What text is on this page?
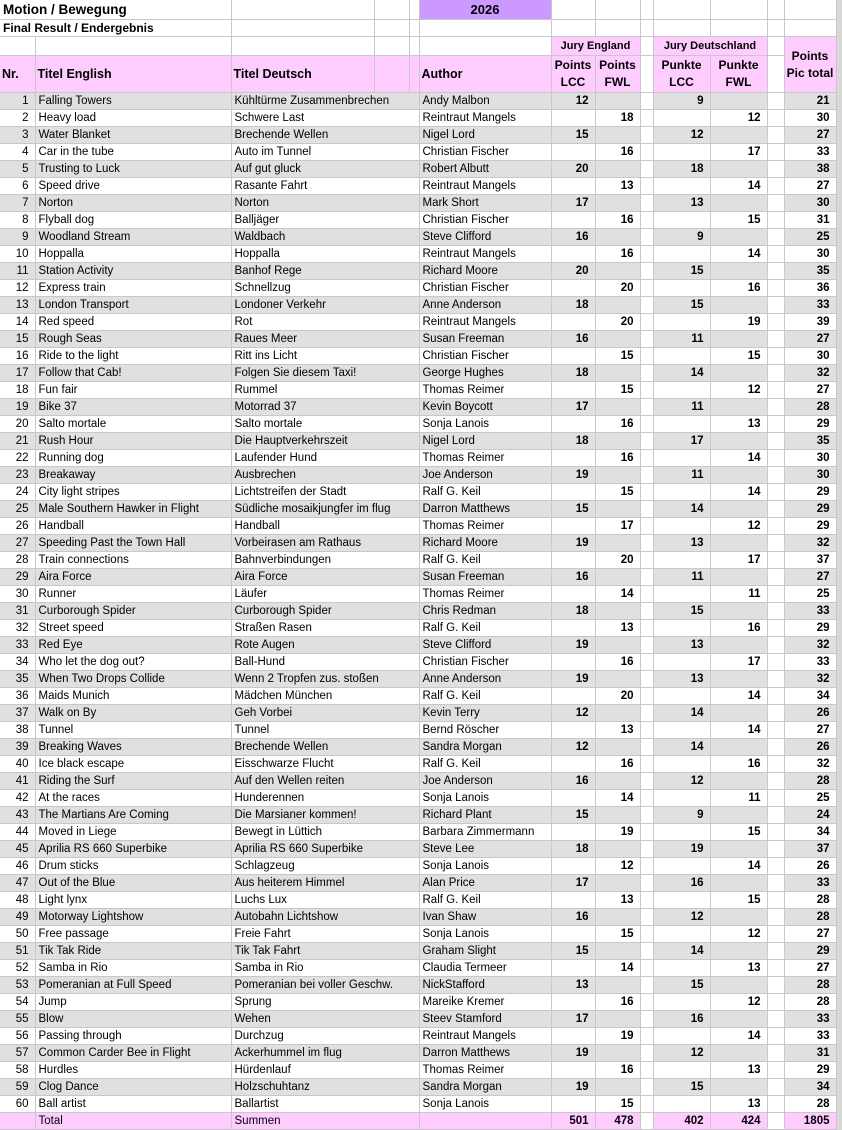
Motion / Bewegung					2026							
Final Result / Endergebnis												
						Jury England			Jury Deutschland			Points Pic total
Nr.	Titel English	Titel Deutsch			Author	Points LCC	Points FWL		Punkte LCC	Punkte FWL		
1	Falling Towers	Kühltürme Zusammenbrechen			Andy Malbon	12			9			21
2	Heavy load	Schwere Last			Reintraut Mangels		18			12		30
3	Water Blanket	Brechende Wellen			Nigel Lord	15			12			27
4	Car in the tube	Auto im Tunnel			Christian Fischer		16			17		33
5	Trusting to Luck	Auf gut gluck			Robert Albutt	20			18			38
6	Speed drive	Rasante Fahrt			Reintraut Mangels		13			14		27
7	Norton	Norton			Mark Short	17			13			30
8	Flyball dog	Balljäger			Christian Fischer		16			15		31
9	Woodland Stream	Waldbach			Steve Clifford	16			9			25
10	Hoppalla	Hoppalla			Reintraut Mangels		16			14		30
11	Station Activity	Banhof Rege			Richard Moore	20			15			35
12	Express train	Schnellzug			Christian Fischer		20			16		36
13	London Transport	Londoner Verkehr			Anne Anderson	18			15			33
14	Red speed	Rot			Reintraut Mangels		20			19		39
15	Rough Seas	Raues Meer			Susan Freeman	16			11			27
16	Ride to the light	Ritt ins Licht			Christian Fischer		15			15		30
17	Follow that Cab!	Folgen Sie diesem Taxi!			George Hughes	18			14			32
18	Fun fair	Rummel			Thomas Reimer		15			12		27
19	Bike 37	Motorrad 37			Kevin Boycott	17			11			28
20	Salto mortale	Salto mortale			Sonja Lanois		16			13		29
21	Rush Hour	Die Hauptverkehrszeit			Nigel Lord	18			17			35
22	Running dog	Laufender Hund			Thomas Reimer		16			14		30
23	Breakaway	Ausbrechen			Joe Anderson	19			11			30
24	City light stripes	Lichtstreifen der Stadt			Ralf G. Keil		15			14		29
25	Male Southern Hawker in Flight	Südliche mosaikjungfer im flug			Darron Matthews	15			14			29
26	Handball	Handball			Thomas Reimer		17			12		29
27	Speeding Past the Town Hall	Vorbeirasen am Rathaus			Richard Moore	19			13			32
28	Train connections	Bahnverbindungen			Ralf G. Keil		20			17		37
29	Aira Force	Aira Force			Susan Freeman	16			11			27
30	Runner	Läufer			Thomas Reimer		14			11		25
31	Curborough Spider	Curborough Spider			Chris Redman	18			15			33
32	Street speed	Straßen Rasen			Ralf G. Keil		13			16		29
33	Red Eye	Rote Augen			Steve Clifford	19			13			32
34	Who let the dog out?	Ball-Hund			Christian Fischer		16			17		33
35	When Two Drops Collide	Wenn 2 Tropfen zus. stoßen			Anne Anderson	19			13			32
36	Maids Munich	Mädchen München			Ralf G. Keil		20			14		34
37	Walk on By	Geh Vorbei			Kevin Terry	12			14			26
38	Tunnel	Tunnel			Bernd Röscher		13			14		27
39	Breaking Waves	Brechende Wellen			Sandra Morgan	12			14			26
40	Ice black escape	Eisschwarze Flucht			Ralf G. Keil		16			16		32
41	Riding the Surf	Auf den Wellen reiten			Joe Anderson	16			12			28
42	At the races	Hunderennen			Sonja Lanois		14			11		25
43	The Martians Are Coming	Die Marsianer kommen!			Richard Plant	15			9			24
44	Moved in Liege	Bewegt in Lüttich			Barbara Zimmermann		19			15		34
45	Aprilia RS 660 Superbike	Aprilia RS 660 Superbike			Steve Lee	18			19			37
46	Drum sticks	Schlagzeug			Sonja Lanois		12			14		26
47	Out of the Blue	Aus heiterem Himmel			Alan Price	17			16			33
48	Light lynx	Luchs Lux			Ralf G. Keil		13			15		28
49	Motorway Lightshow	Autobahn Lichtshow			Ivan Shaw	16			12			28
50	Free passage	Freie Fahrt			Sonja Lanois		15			12		27
51	Tik Tak Ride	Tik Tak Fahrt			Graham Slight	15			14			29
52	Samba in Rio	Samba in Rio			Claudia Termeer		14			13		27
53	Pomeranian at Full Speed	Pomeranian bei voller Geschw.			NickStafford	13			15			28
54	Jump	Sprung			Mareike Kremer		16			12		28
55	Blow	Wehen			Steev Stamford	17			16			33
56	Passing through	Durchzug			Reintraut Mangels		19			14		33
57	Common Carder Bee in Flight	Ackerhummel im flug			Darron Matthews	19			12			31
58	Hurdles	Hürdenlauf			Thomas Reimer		16			13		29
59	Clog Dance	Holzschuhtanz			Sandra Morgan	19			15			34
60	Ball artist	Ballartist			Sonja Lanois		15			13		28
	Total	Summen				501	478		402	424		1805
